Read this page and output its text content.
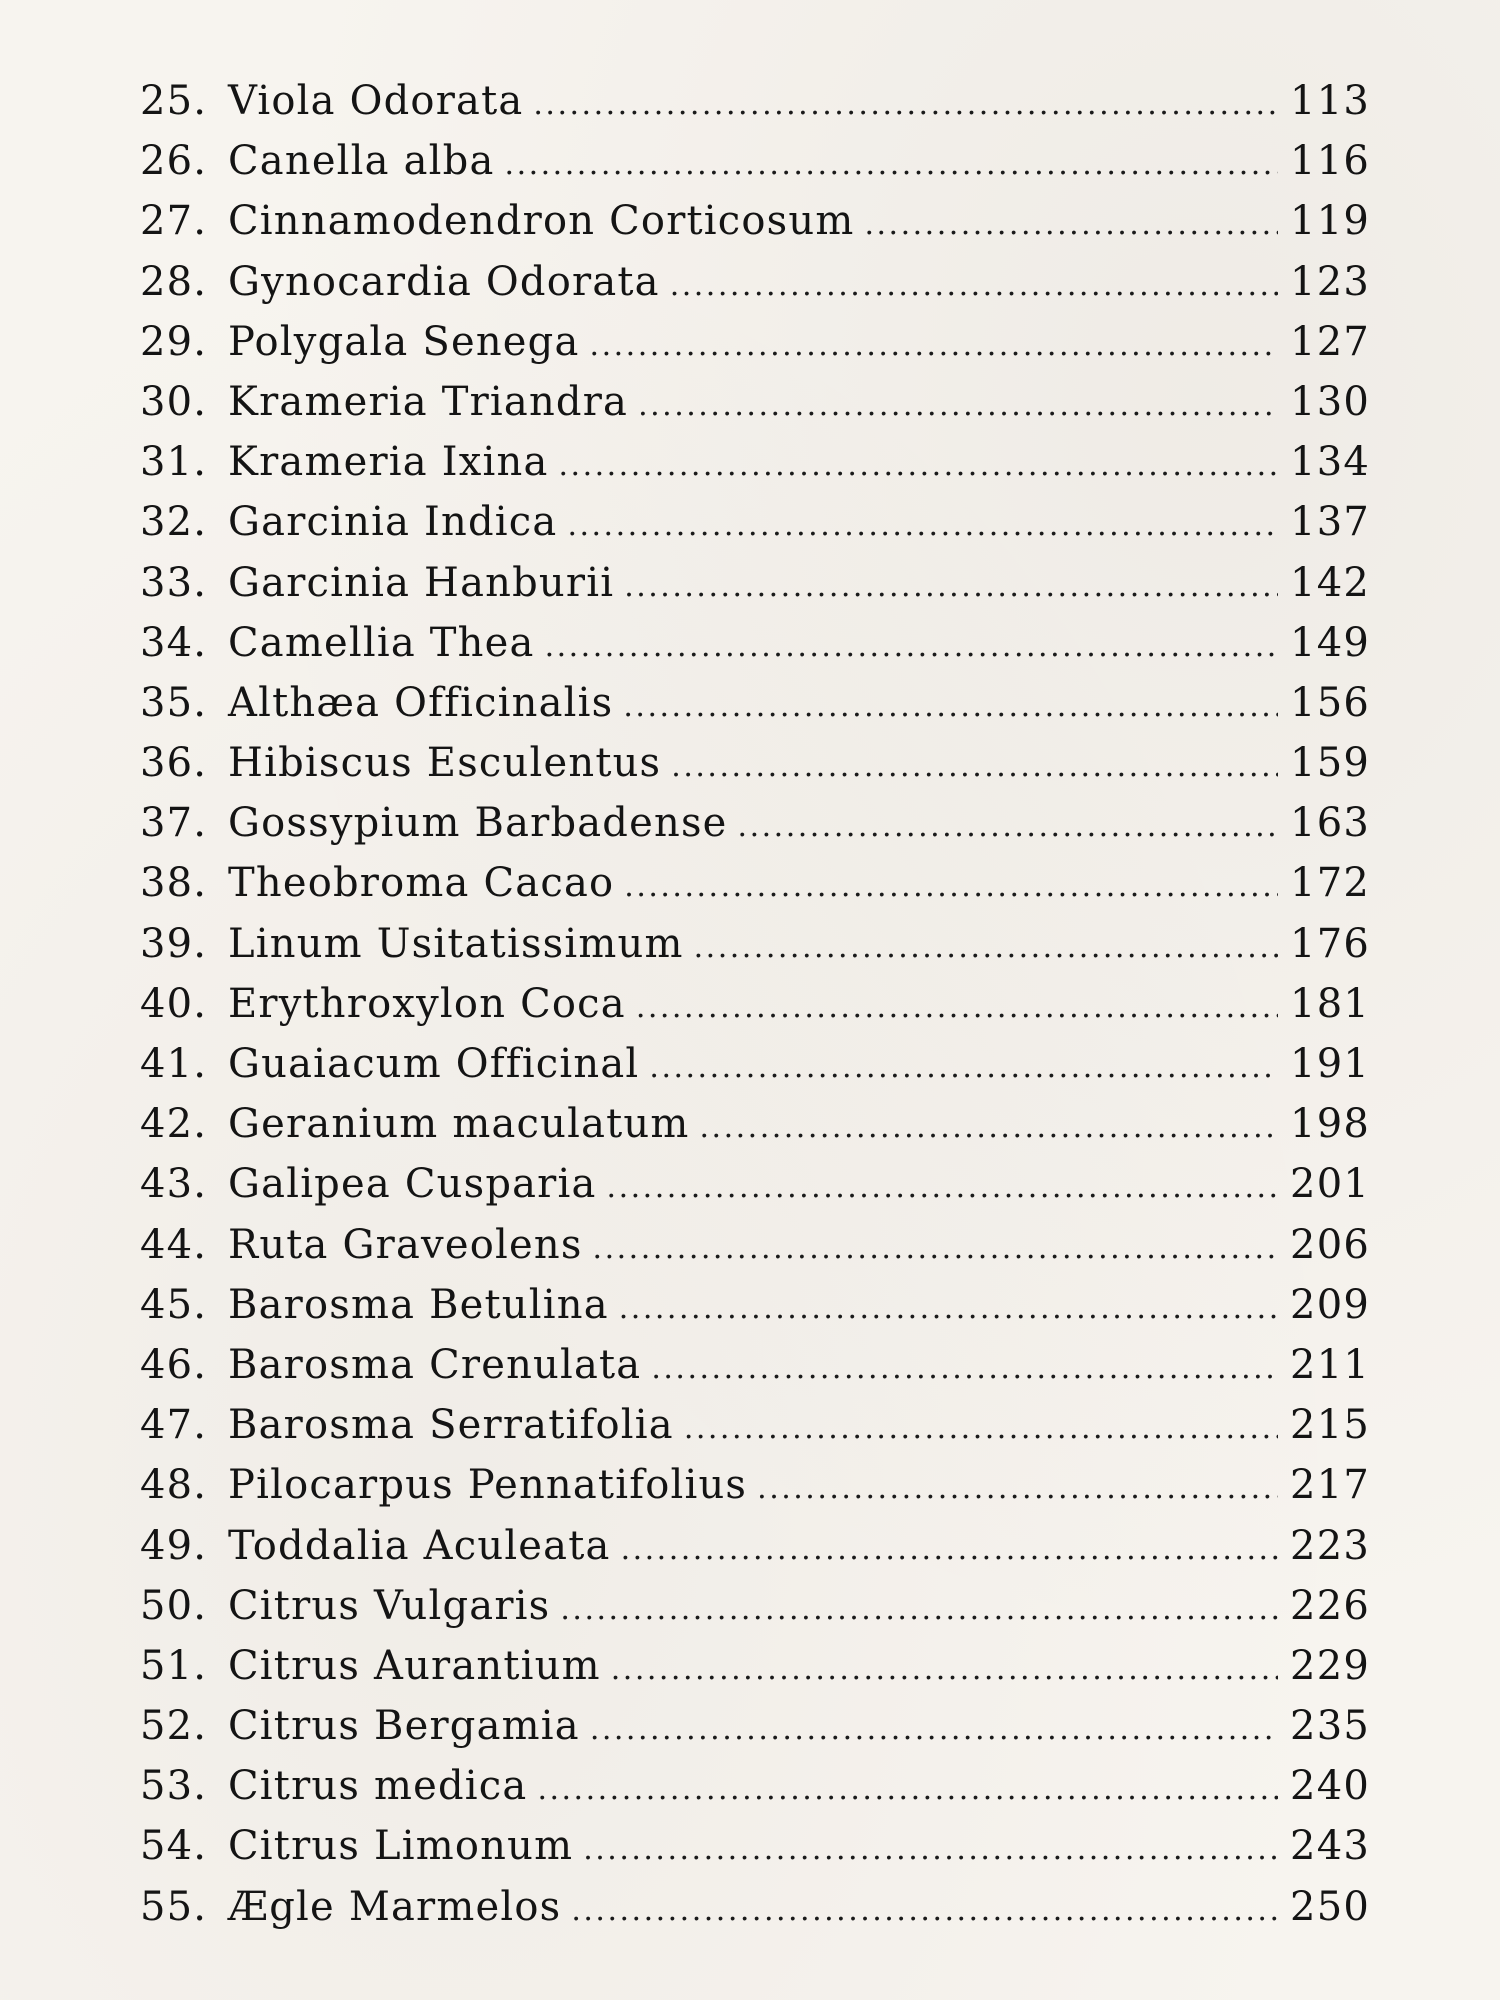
25. Viola Odorata .....	113
26. Canella alba .....	116
27. Cinnamodendron Corticosum .....	119
28. Gynocardia Odorata .....	123
29. Polygala Senega .....	127
30. Krameria Triandra .....	130
31. Krameria Ixina .....	134
32. Garcinia Indica .....	137
33. Garcinia Hanburii .....	142
34. Camellia Thea .....	149
35. Althæa Officinalis .....	156
36. Hibiscus Esculentus .....	159
37. Gossypium Barbadense .....	163
38. Theobroma Cacao .....	172
39. Linum Usitatissimum .....	176
40. Erythroxylon Coca .....	181
41. Guaiacum Officinal .....	191
42. Geranium maculatum .....	198
43. Galipea Cusparia .....	201
44. Ruta Graveolens .....	206
45. Barosma Betulina .....	209
46. Barosma Crenulata .....	211
47. Barosma Serratifolia .....	215
48. Pilocarpus Pennatifolius .....	217
49. Toddalia Aculeata .....	223
50. Citrus Vulgaris .....	226
51. Citrus Aurantium .....	229
52. Citrus Bergamia .....	235
53. Citrus medica .....	240
54. Citrus Limonum .....	243
55. Ægle Marmelos .....	250
